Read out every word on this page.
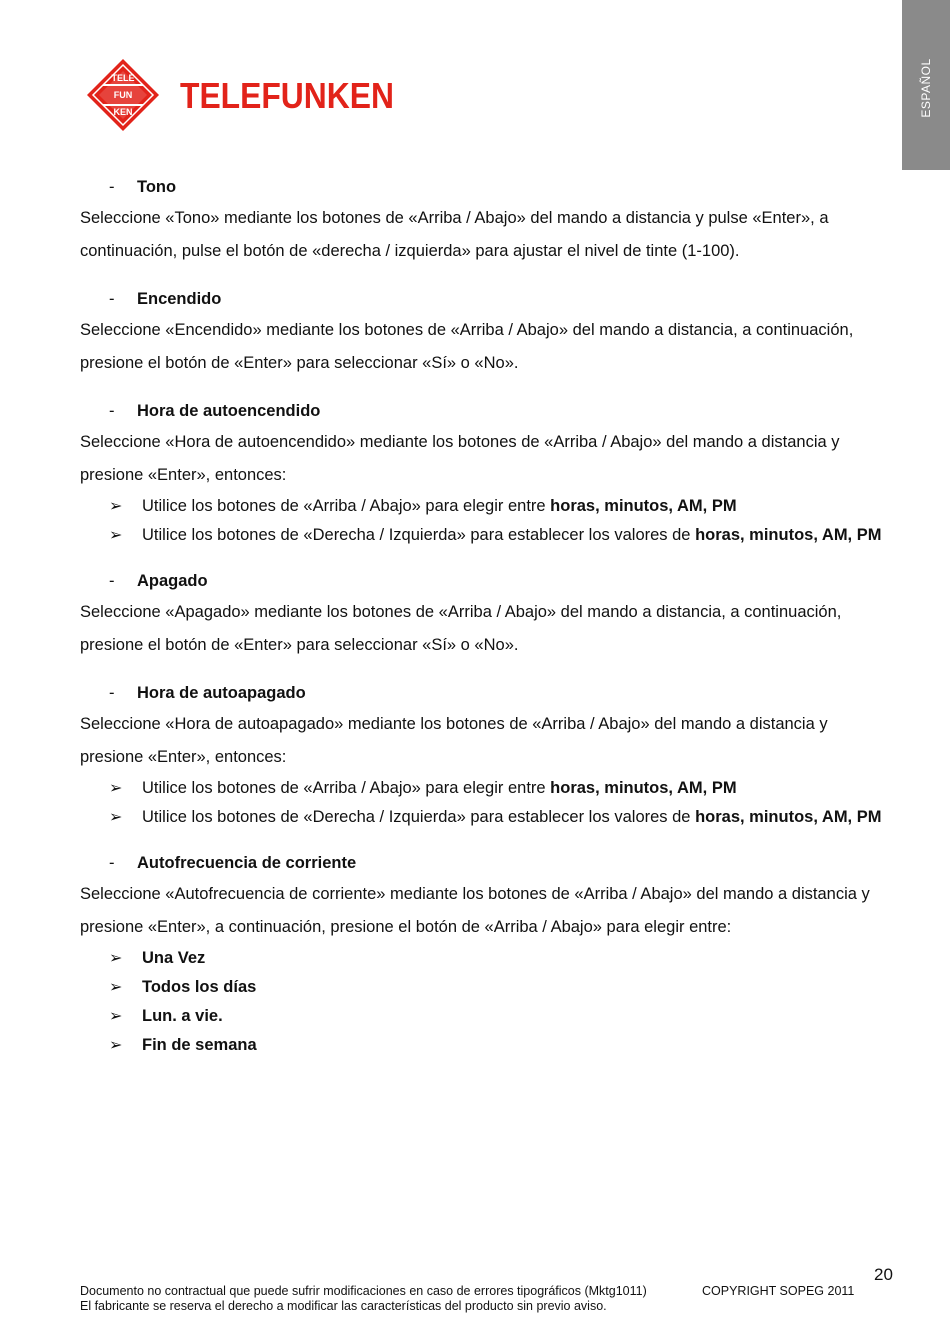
ESPAÑOL
TELE
FUN
KEN TELEFUNKEN
- Tono

Seleccione «Tono» mediante los botones de «Arriba / Abajo» del mando a distancia y pulse «Enter», a continuación, pulse el botón de «derecha / izquierda» para ajustar el nivel de tinte (1-100).

- Encendido

Seleccione «Encendido» mediante los botones de «Arriba / Abajo» del mando a distancia, a continuación, presione el botón de «Enter» para seleccionar «Sí» o «No».

- Hora de autoencendido

Seleccione «Hora de autoencendido» mediante los botones de «Arriba / Abajo» del mando a distancia y presione «Enter», entonces:

➢ Utilice los botones de «Arriba / Abajo» para elegir entre horas, minutos, AM, PM
➢ Utilice los botones de «Derecha / Izquierda» para establecer los valores de horas, minutos, AM, PM
- Apagado

Seleccione «Apagado» mediante los botones de «Arriba / Abajo» del mando a distancia, a continuación, presione el botón de «Enter» para seleccionar «Sí» o «No».

- Hora de autoapagado

Seleccione «Hora de autoapagado» mediante los botones de «Arriba / Abajo» del mando a distancia y presione «Enter», entonces:

➢ Utilice los botones de «Arriba / Abajo» para elegir entre horas, minutos, AM, PM
➢ Utilice los botones de «Derecha / Izquierda» para establecer los valores de horas, minutos, AM, PM
- Autofrecuencia de corriente

Seleccione «Autofrecuencia de corriente» mediante los botones de «Arriba / Abajo» del mando a distancia y presione «Enter», a continuación, presione el botón de «Arriba / Abajo» para elegir entre:

➢ Una Vez
➢ Todos los días
➢ Lun. a vie.
➢ Fin de semana
20
Documento no contractual que puede sufrir modificaciones en caso de errores tipográficos (Mktg1011)
El fabricante se reserva el derecho a modificar las características del producto sin previo aviso.
COPYRIGHT SOPEG 2011
